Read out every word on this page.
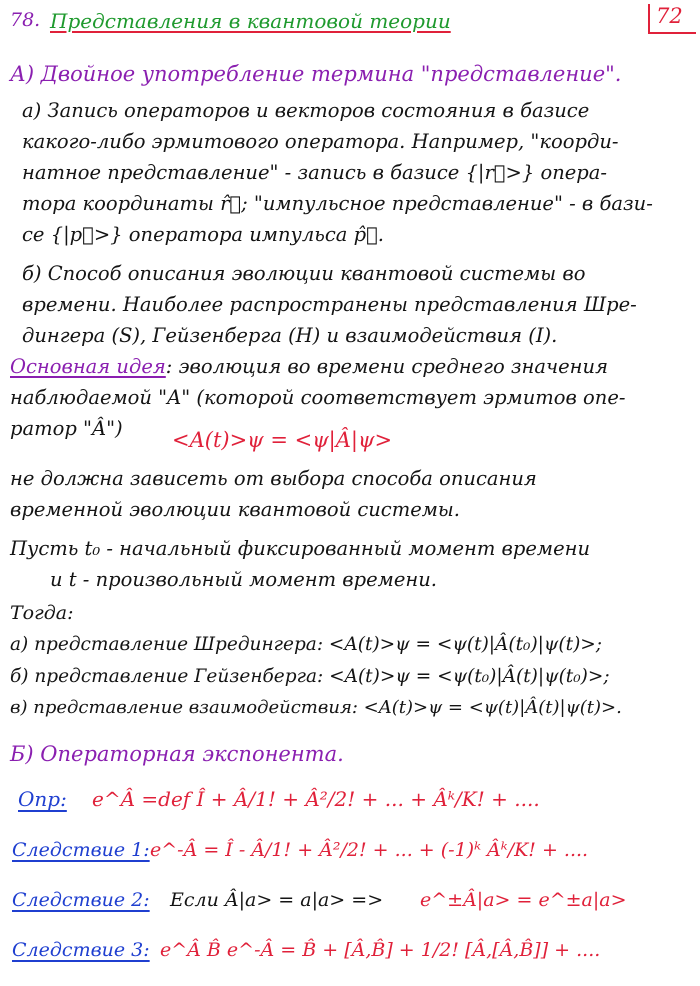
72
78. Представления в квантовой теории
А) Двойное употребление термина "представление".
а) Запись операторов и векторов состояния в базисе
какого-либо эрмитового оператора. Например, "коорди-
натное представление" - запись в базисе {|r⃗>} опера-
тора координаты r̂⃗; "импульсное представление" - в бази-
се {|p⃗>} оператора импульса p̂⃗.
б) Способ описания эволюции квантовой системы во
времени. Наиболее распространены представления Шре-
дингера (S), Гейзенберга (H) и взаимодействия (I).
Основная идея: эволюция во времени среднего значения
наблюдаемой "A" (которой соответствует эрмитов опе-
ратор "Â") <A(t)>ψ = <ψ|Â|ψ>
не должна зависеть от выбора способа описания
временной эволюции квантовой системы.
Пусть t₀ - начальный фиксированный момент времени
и t - произвольный момент времени.
Тогда:
а) представление Шредингера: <A(t)>ψ = <ψ(t)|Â(t₀)|ψ(t)>;
б) представление Гейзенберга: <A(t)>ψ = <ψ(t₀)|Â(t)|ψ(t₀)>;
в) представление взаимодействия: <A(t)>ψ = <ψ(t)|Â(t)|ψ(t)>.
Б) Операторная экспонента.
Опр: e^Â =def Î + Â/1! + Â²/2! + ... + Âᵏ/K! + ....
Следствие 1: e^-Â = Î - Â/1! + Â²/2! + ... + (-1)ᵏ Âᵏ/K! + ....
Следствие 2: Если Â|a> = a|a> => e^±Â|a> = e^±a|a>
Следствие 3: e^Â B̂ e^-Â = B̂ + [Â,B̂] + 1/2! [Â,[Â,B̂]] + ....
